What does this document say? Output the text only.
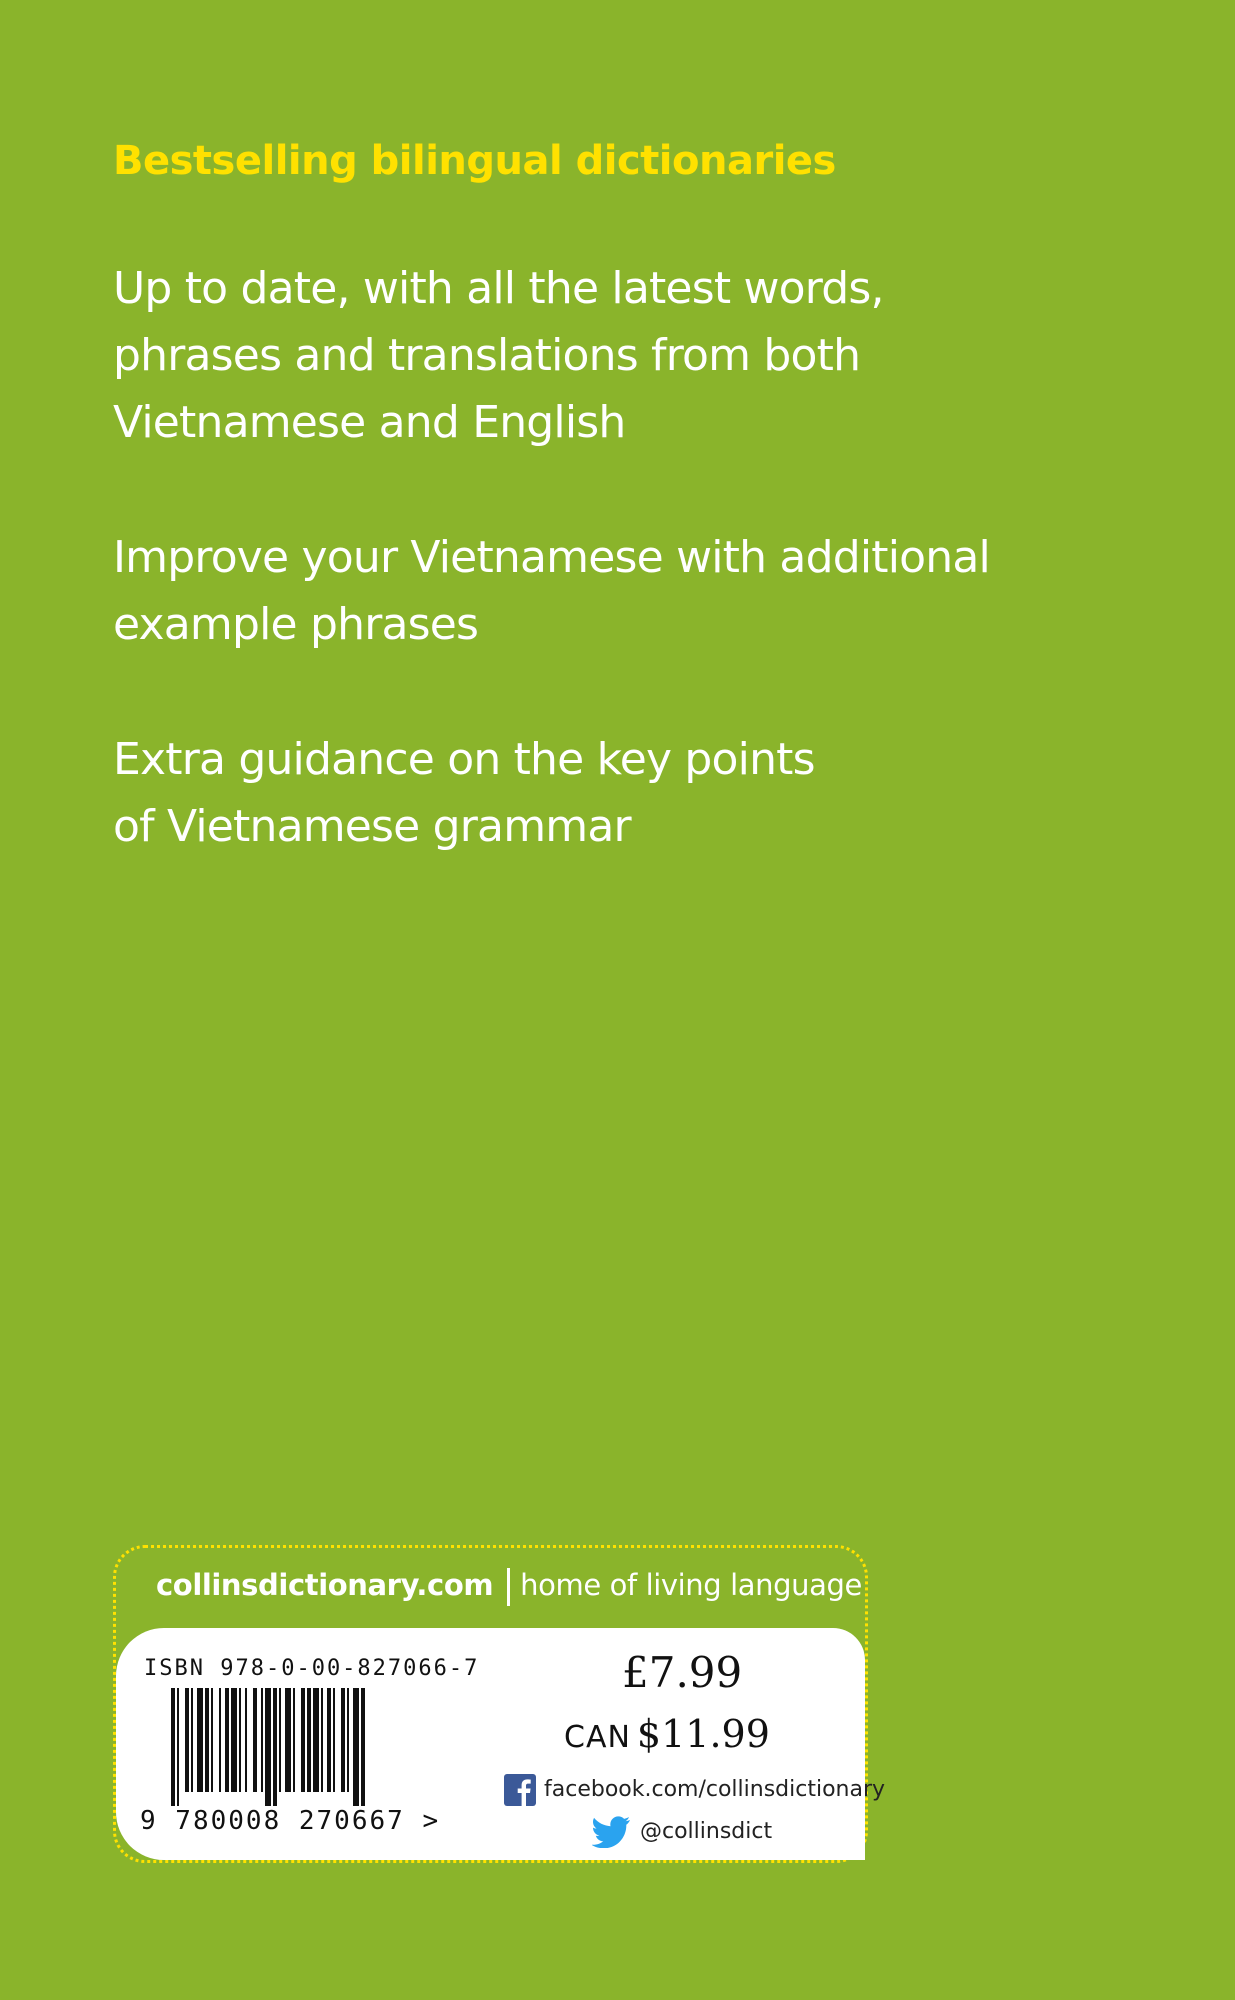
Bestselling bilingual dictionaries

Up to date, with all the latest words,
phrases and translations from both
Vietnamese and English

Improve your Vietnamese with additional
example phrases

Extra guidance on the key points
of Vietnamese grammar

collinsdictionary.com home of living language
ISBN 978-0-00-827066-7
9 780008 270667 >
£7.99
CAN $11.99
facebook.com/collinsdictionary
@collinsdict
